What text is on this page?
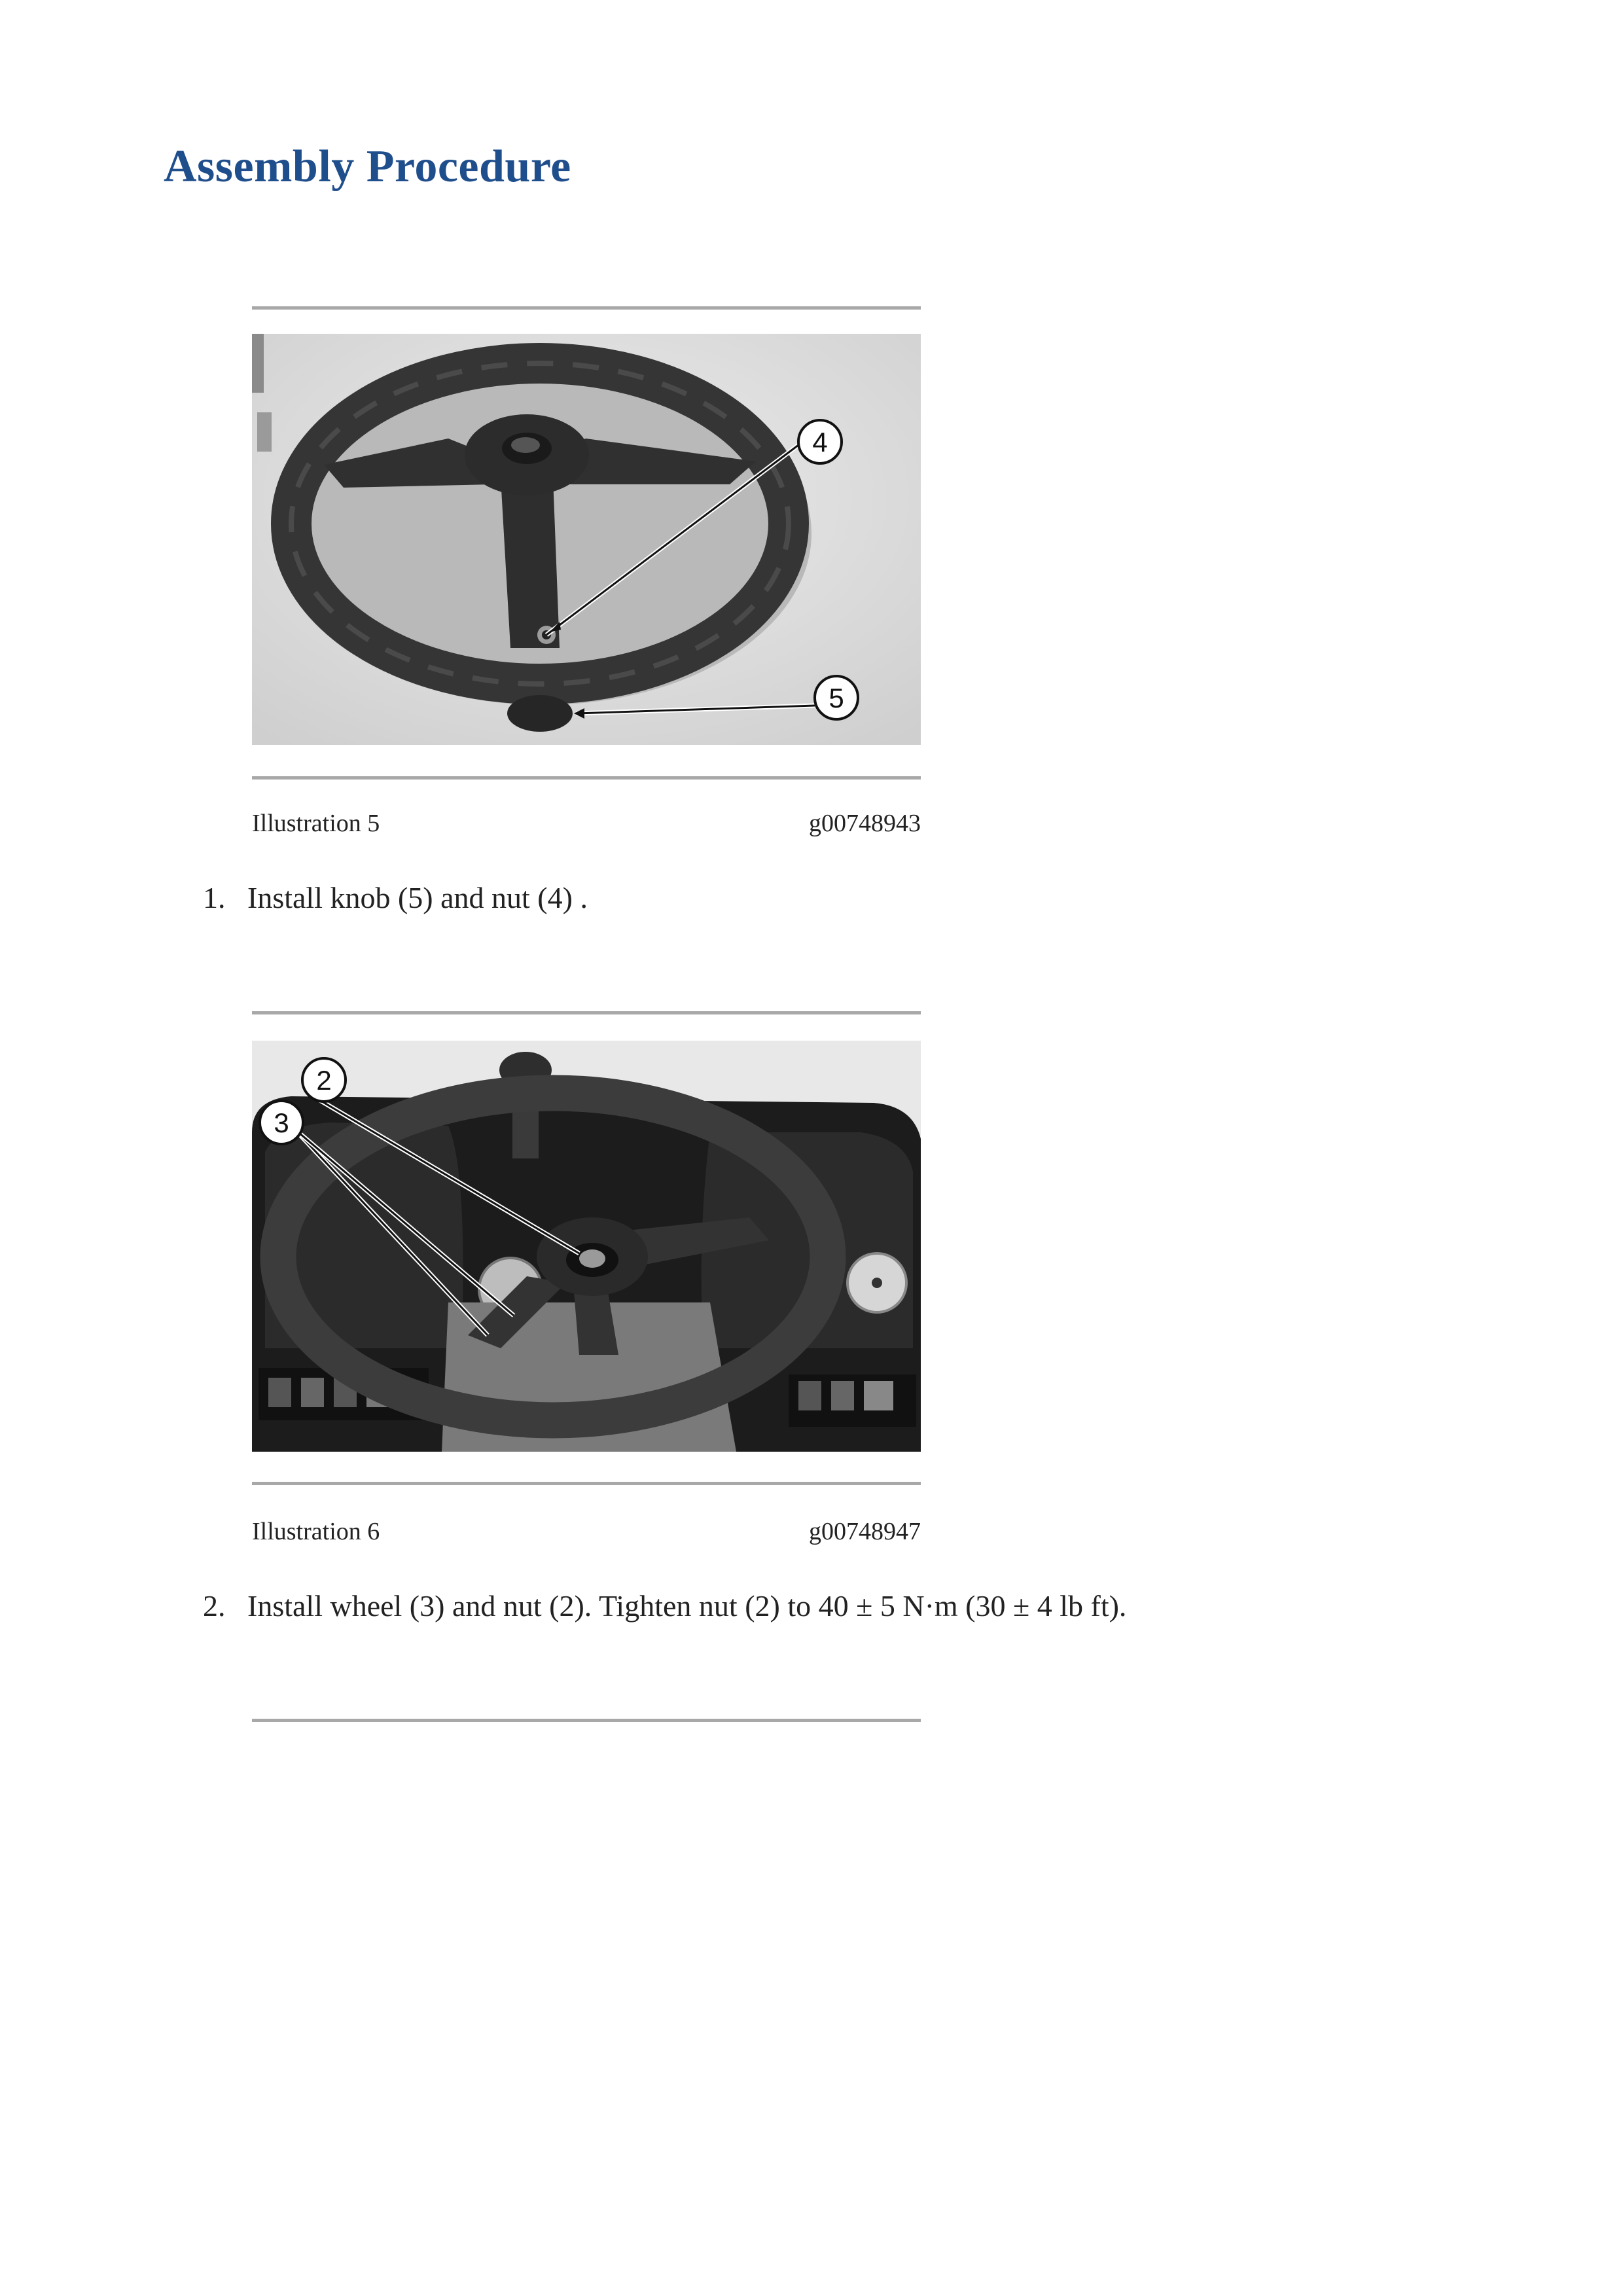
Assembly Procedure
4
5
Illustration 5	g00748943
1. Install knob (5) and nut (4) .
2
3
Illustration 6	g00748947
2. Install wheel (3) and nut (2). Tighten nut (2) to 40 ± 5 N·m (30 ± 4 lb ft).
